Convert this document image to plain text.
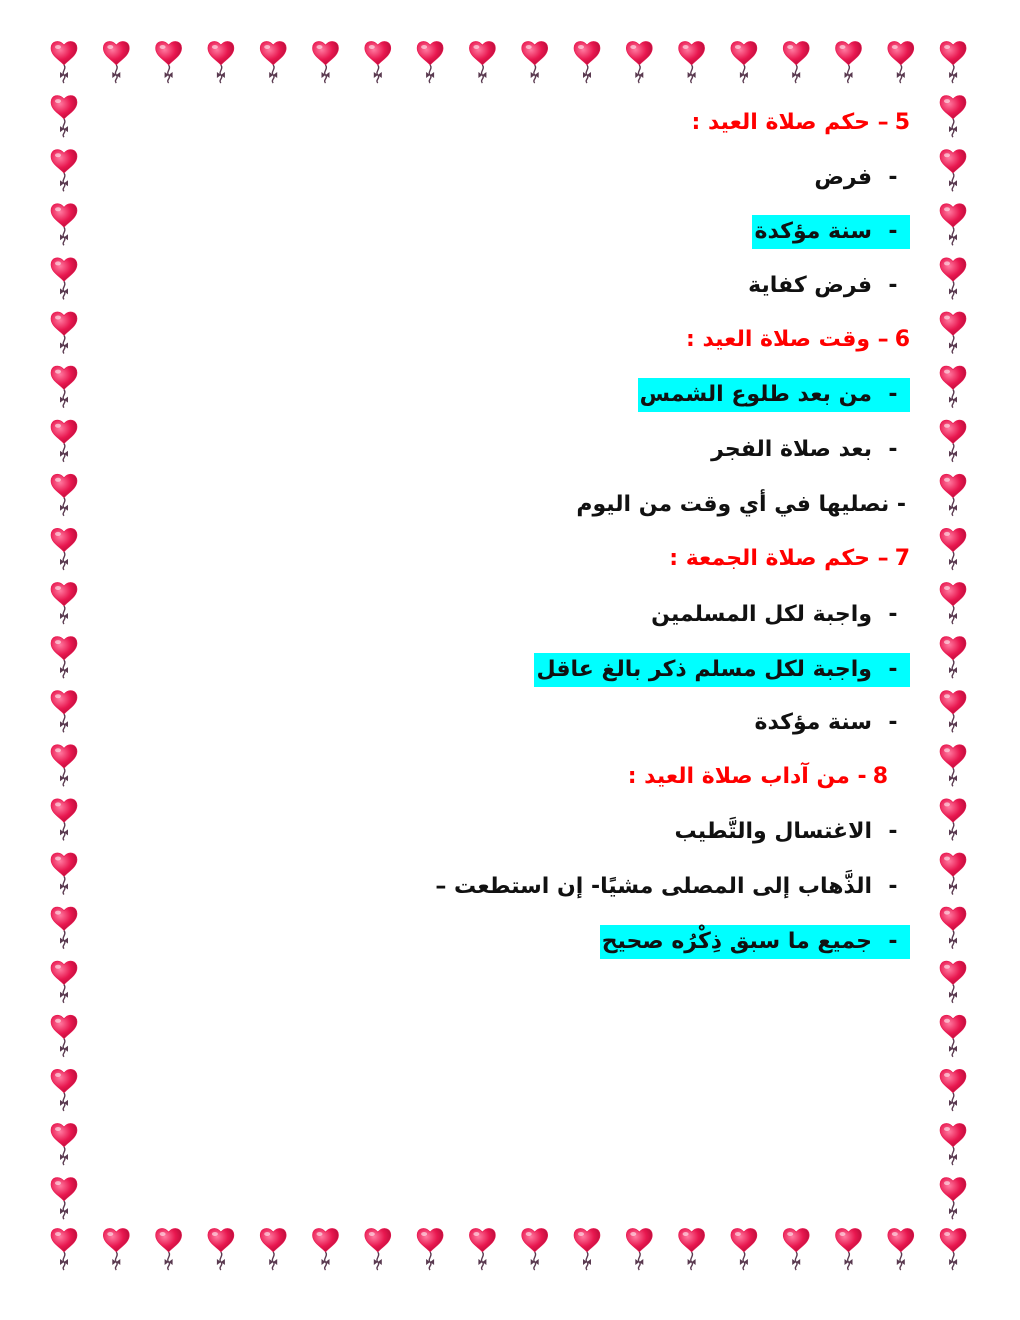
5– حكم صلاة العيد :
-فرض
-سنة مؤكدة
-فرض كفاية
6– وقت صلاة العيد :
-من بعد طلوع الشمس
-بعد صلاة الفجر
- نصليها في أي وقت من اليوم
7– حكم صلاة الجمعة :
-واجبة لكل المسلمين
-واجبة لكل مسلم ذكر بالغ عاقل
-سنة مؤكدة
8- من آداب صلاة العيد :
-الاغتسال والتَّطيب
-الذَّهاب إلى المصلى مشيًا- إن استطعت –
-جميع ما سبق ذِكْرُه صحيح
